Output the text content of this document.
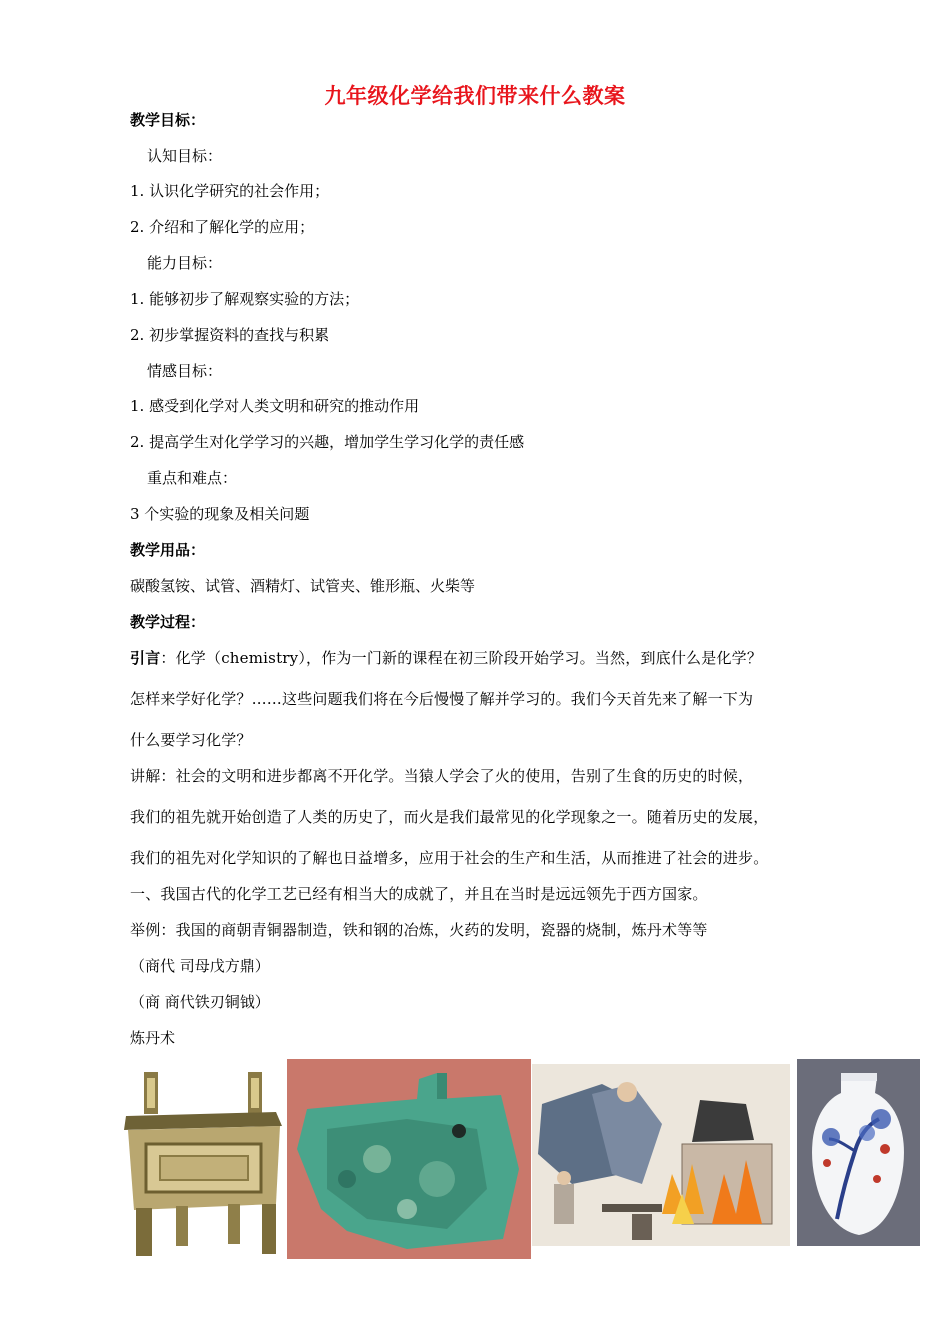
九年级化学给我们带来什么教案
教学目标：
认知目标：
1. 认识化学研究的社会作用；
2. 介绍和了解化学的应用；
能力目标：
1. 能够初步了解观察实验的方法；
2. 初步掌握资料的查找与积累
情感目标：
1. 感受到化学对人类文明和研究的推动作用
2. 提高学生对化学学习的兴趣，增加学生学习化学的责任感
重点和难点：
3 个实验的现象及相关问题
教学用品：
碳酸氢铵、试管、酒精灯、试管夹、锥形瓶、火柴等
教学过程：
引言：化学（chemistry），作为一门新的课程在初三阶段开始学习。当然，到底什么是化学？
怎样来学好化学？……这些问题我们将在今后慢慢了解并学习的。我们今天首先来了解一下为
什么要学习化学？
讲解：社会的文明和进步都离不开化学。当猿人学会了火的使用，告别了生食的历史的时候，
我们的祖先就开始创造了人类的历史了，而火是我们最常见的化学现象之一。随着历史的发展，
我们的祖先对化学知识的了解也日益增多，应用于社会的生产和生活，从而推进了社会的进步。
一、我国古代的化学工艺已经有相当大的成就了，并且在当时是远远领先于西方国家。
举例：我国的商朝青铜器制造，铁和钢的冶炼，火药的发明，瓷器的烧制，炼丹术等等
（商代 司母戊方鼎）
（商 商代铁刃铜钺）
炼丹术
